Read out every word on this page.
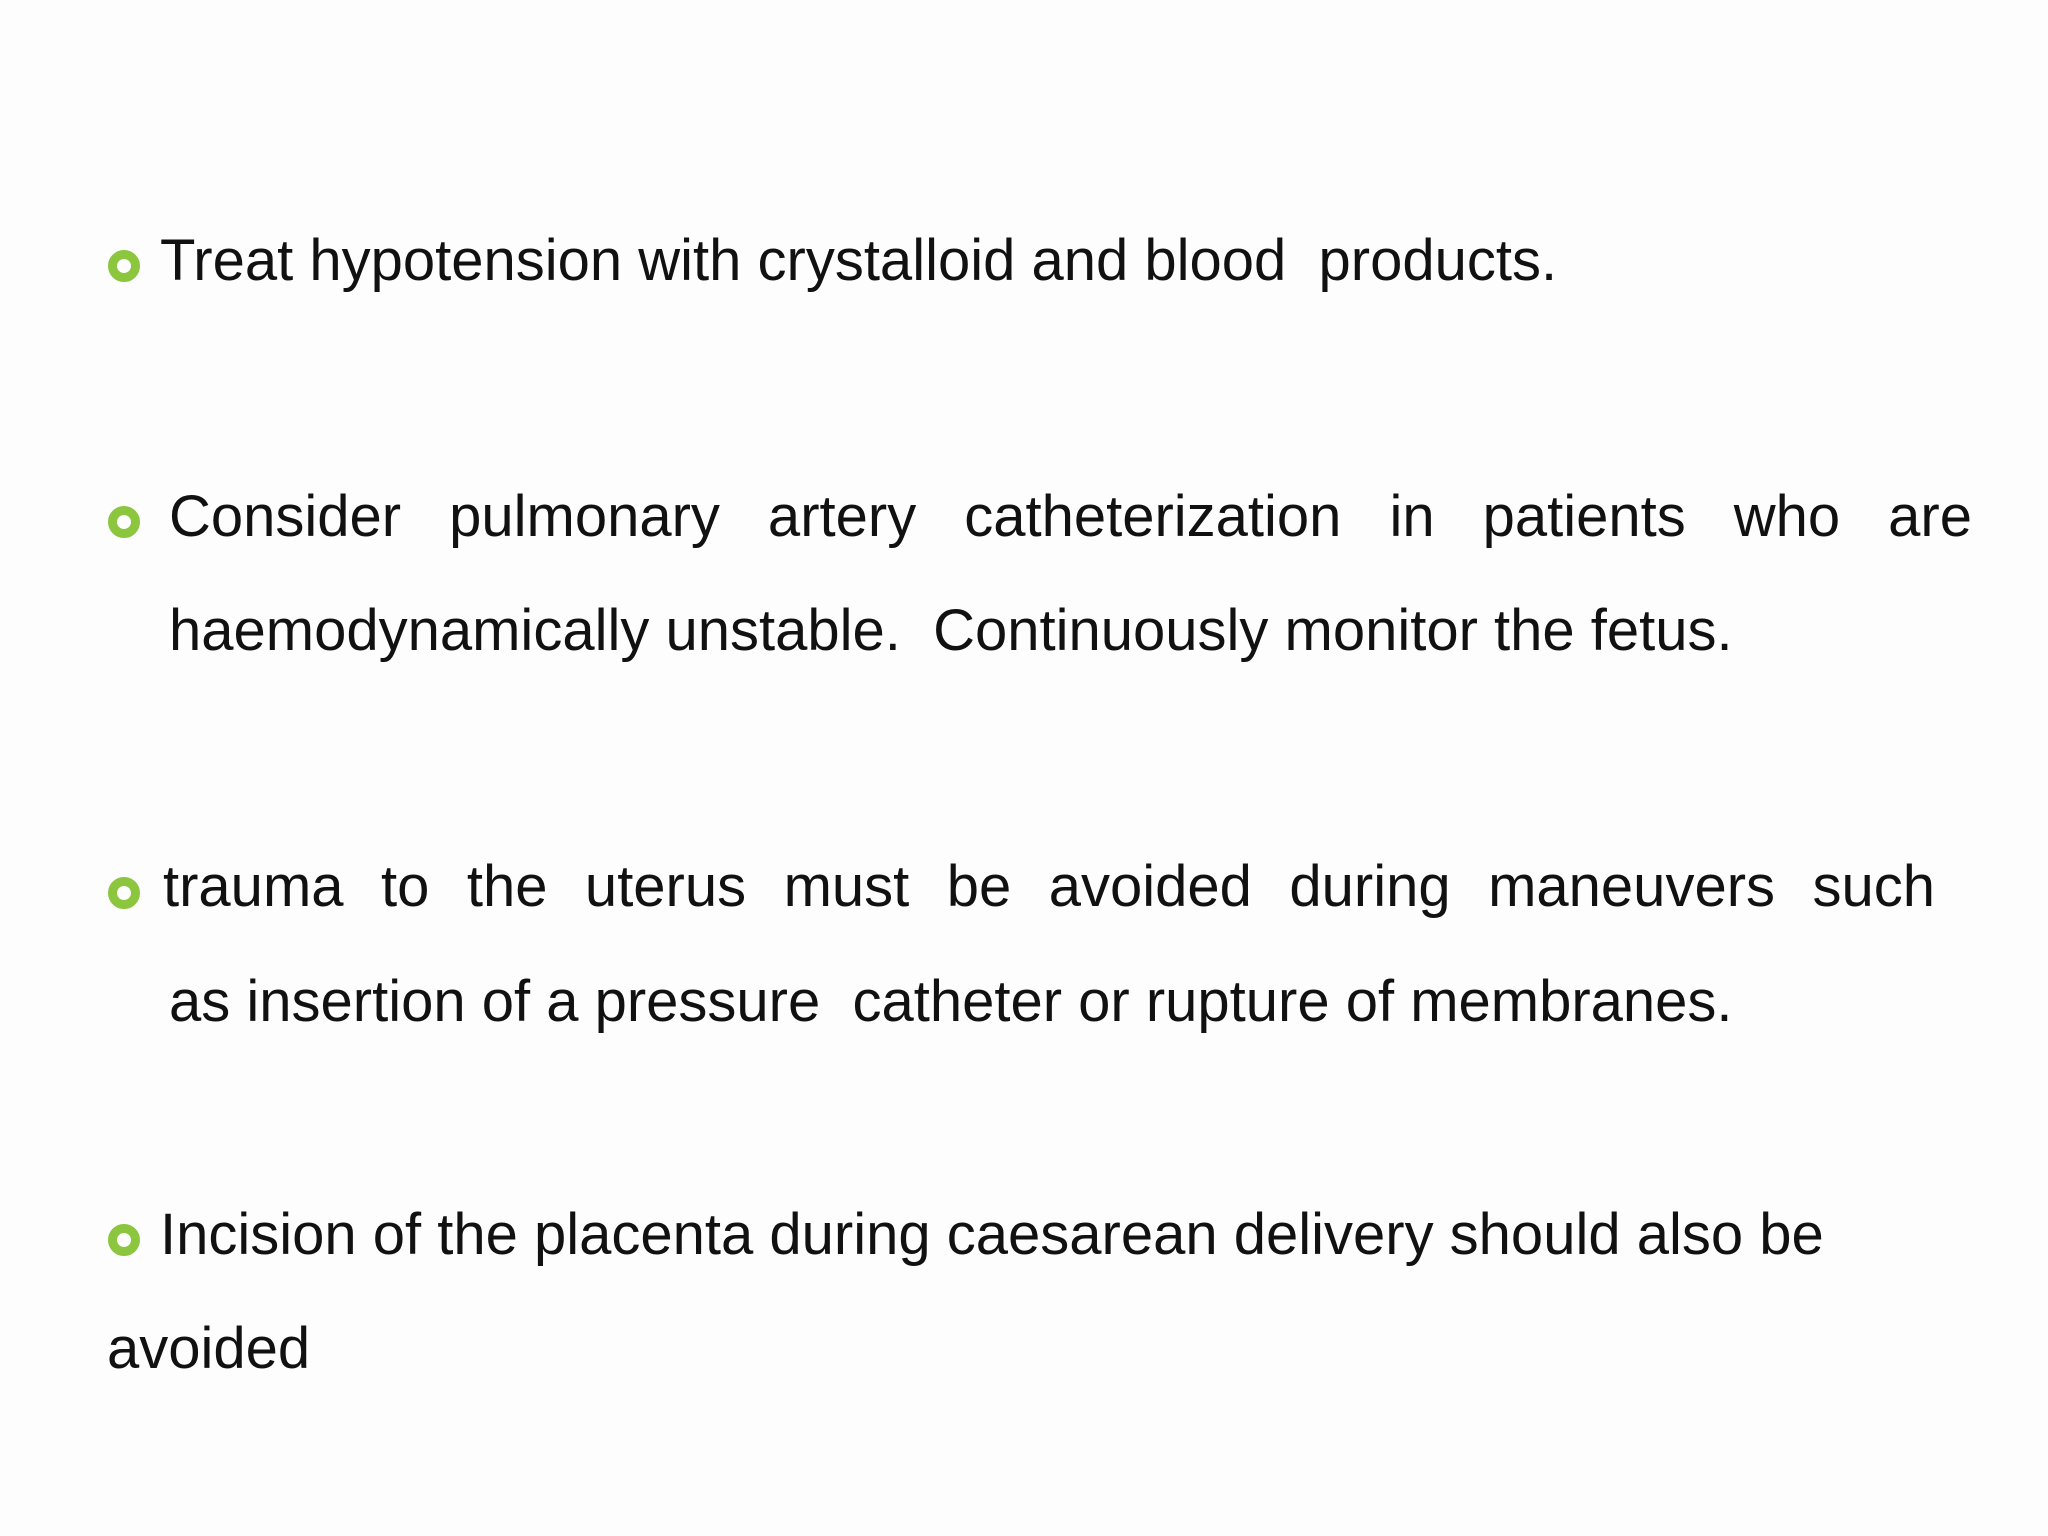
Treat hypotension with crystalloid and blood  products.
Consider pulmonary artery catheterization in patients who are
haemodynamically unstable.  Continuously monitor the fetus.
trauma to the uterus must be avoided during maneuvers such
as insertion of a pressure  catheter or rupture of membranes.
Incision of the placenta during caesarean delivery should also be
avoided
